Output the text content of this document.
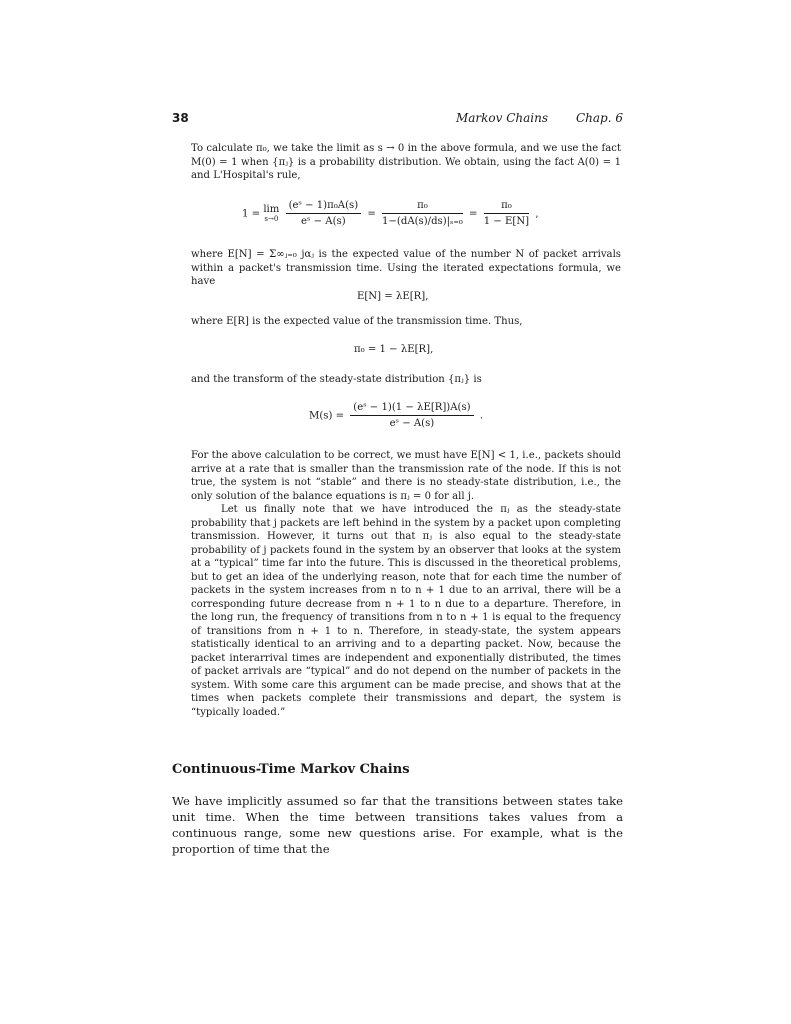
38	Markov Chains Chap. 6

To calculate π₀, we take the limit as s → 0 in the above formula, and we use the fact M(0) = 1 when {πⱼ} is a probability distribution. We obtain, using the fact A(0) = 1 and L'Hospital's rule,

1 = lim
s→0
$\frac{\text{(eˢ − 1)π₀A(s)}}{\text{eˢ − A(s)}} = \frac{\text{π₀}}{\text{1−(dA(s)/ds)|ₛ₌₀}} = \frac{\text{π₀}}{1 - E[N]}$ ,

where E[N] = Σ∞ⱼ₌₀ jαⱼ is the expected value of the number N of packet arrivals within a packet's transmission time. Using the iterated expectations formula, we have

E[N] = λE[R],

where E[R] is the expected value of the transmission time. Thus,

π₀ = 1 − λE[R],

and the transform of the steady-state distribution {πⱼ} is

$M(s) = \frac{\text{(eˢ − 1)(1 − λE[R])A(s)}}{\text{eˢ − A(s)}}$ .

For the above calculation to be correct, we must have E[N] < 1, i.e., packets should arrive at a rate that is smaller than the transmission rate of the node. If this is not true, the system is not “stable” and there is no steady-state distribution, i.e., the only solution of the balance equations is πⱼ = 0 for all j.

Let us finally note that we have introduced the πⱼ as the steady-state probability that j packets are left behind in the system by a packet upon completing transmission. However, it turns out that πⱼ is also equal to the steady-state probability of j packets found in the system by an observer that looks at the system at a “typical” time far into the future. This is discussed in the theoretical problems, but to get an idea of the underlying reason, note that for each time the number of packets in the system increases from n to n + 1 due to an arrival, there will be a corresponding future decrease from n + 1 to n due to a departure. Therefore, in the long run, the frequency of transitions from n to n + 1 is equal to the frequency of transitions from n + 1 to n. Therefore, in steady-state, the system appears statistically identical to an arriving and to a departing packet. Now, because the packet interarrival times are independent and exponentially distributed, the times of packet arrivals are “typical” and do not depend on the number of packets in the system. With some care this argument can be made precise, and shows that at the times when packets complete their transmissions and depart, the system is “typically loaded.”

Continuous-Time Markov Chains

We have implicitly assumed so far that the transitions between states take unit time. When the time between transitions takes values from a continuous range, some new questions arise. For example, what is the proportion of time that the
